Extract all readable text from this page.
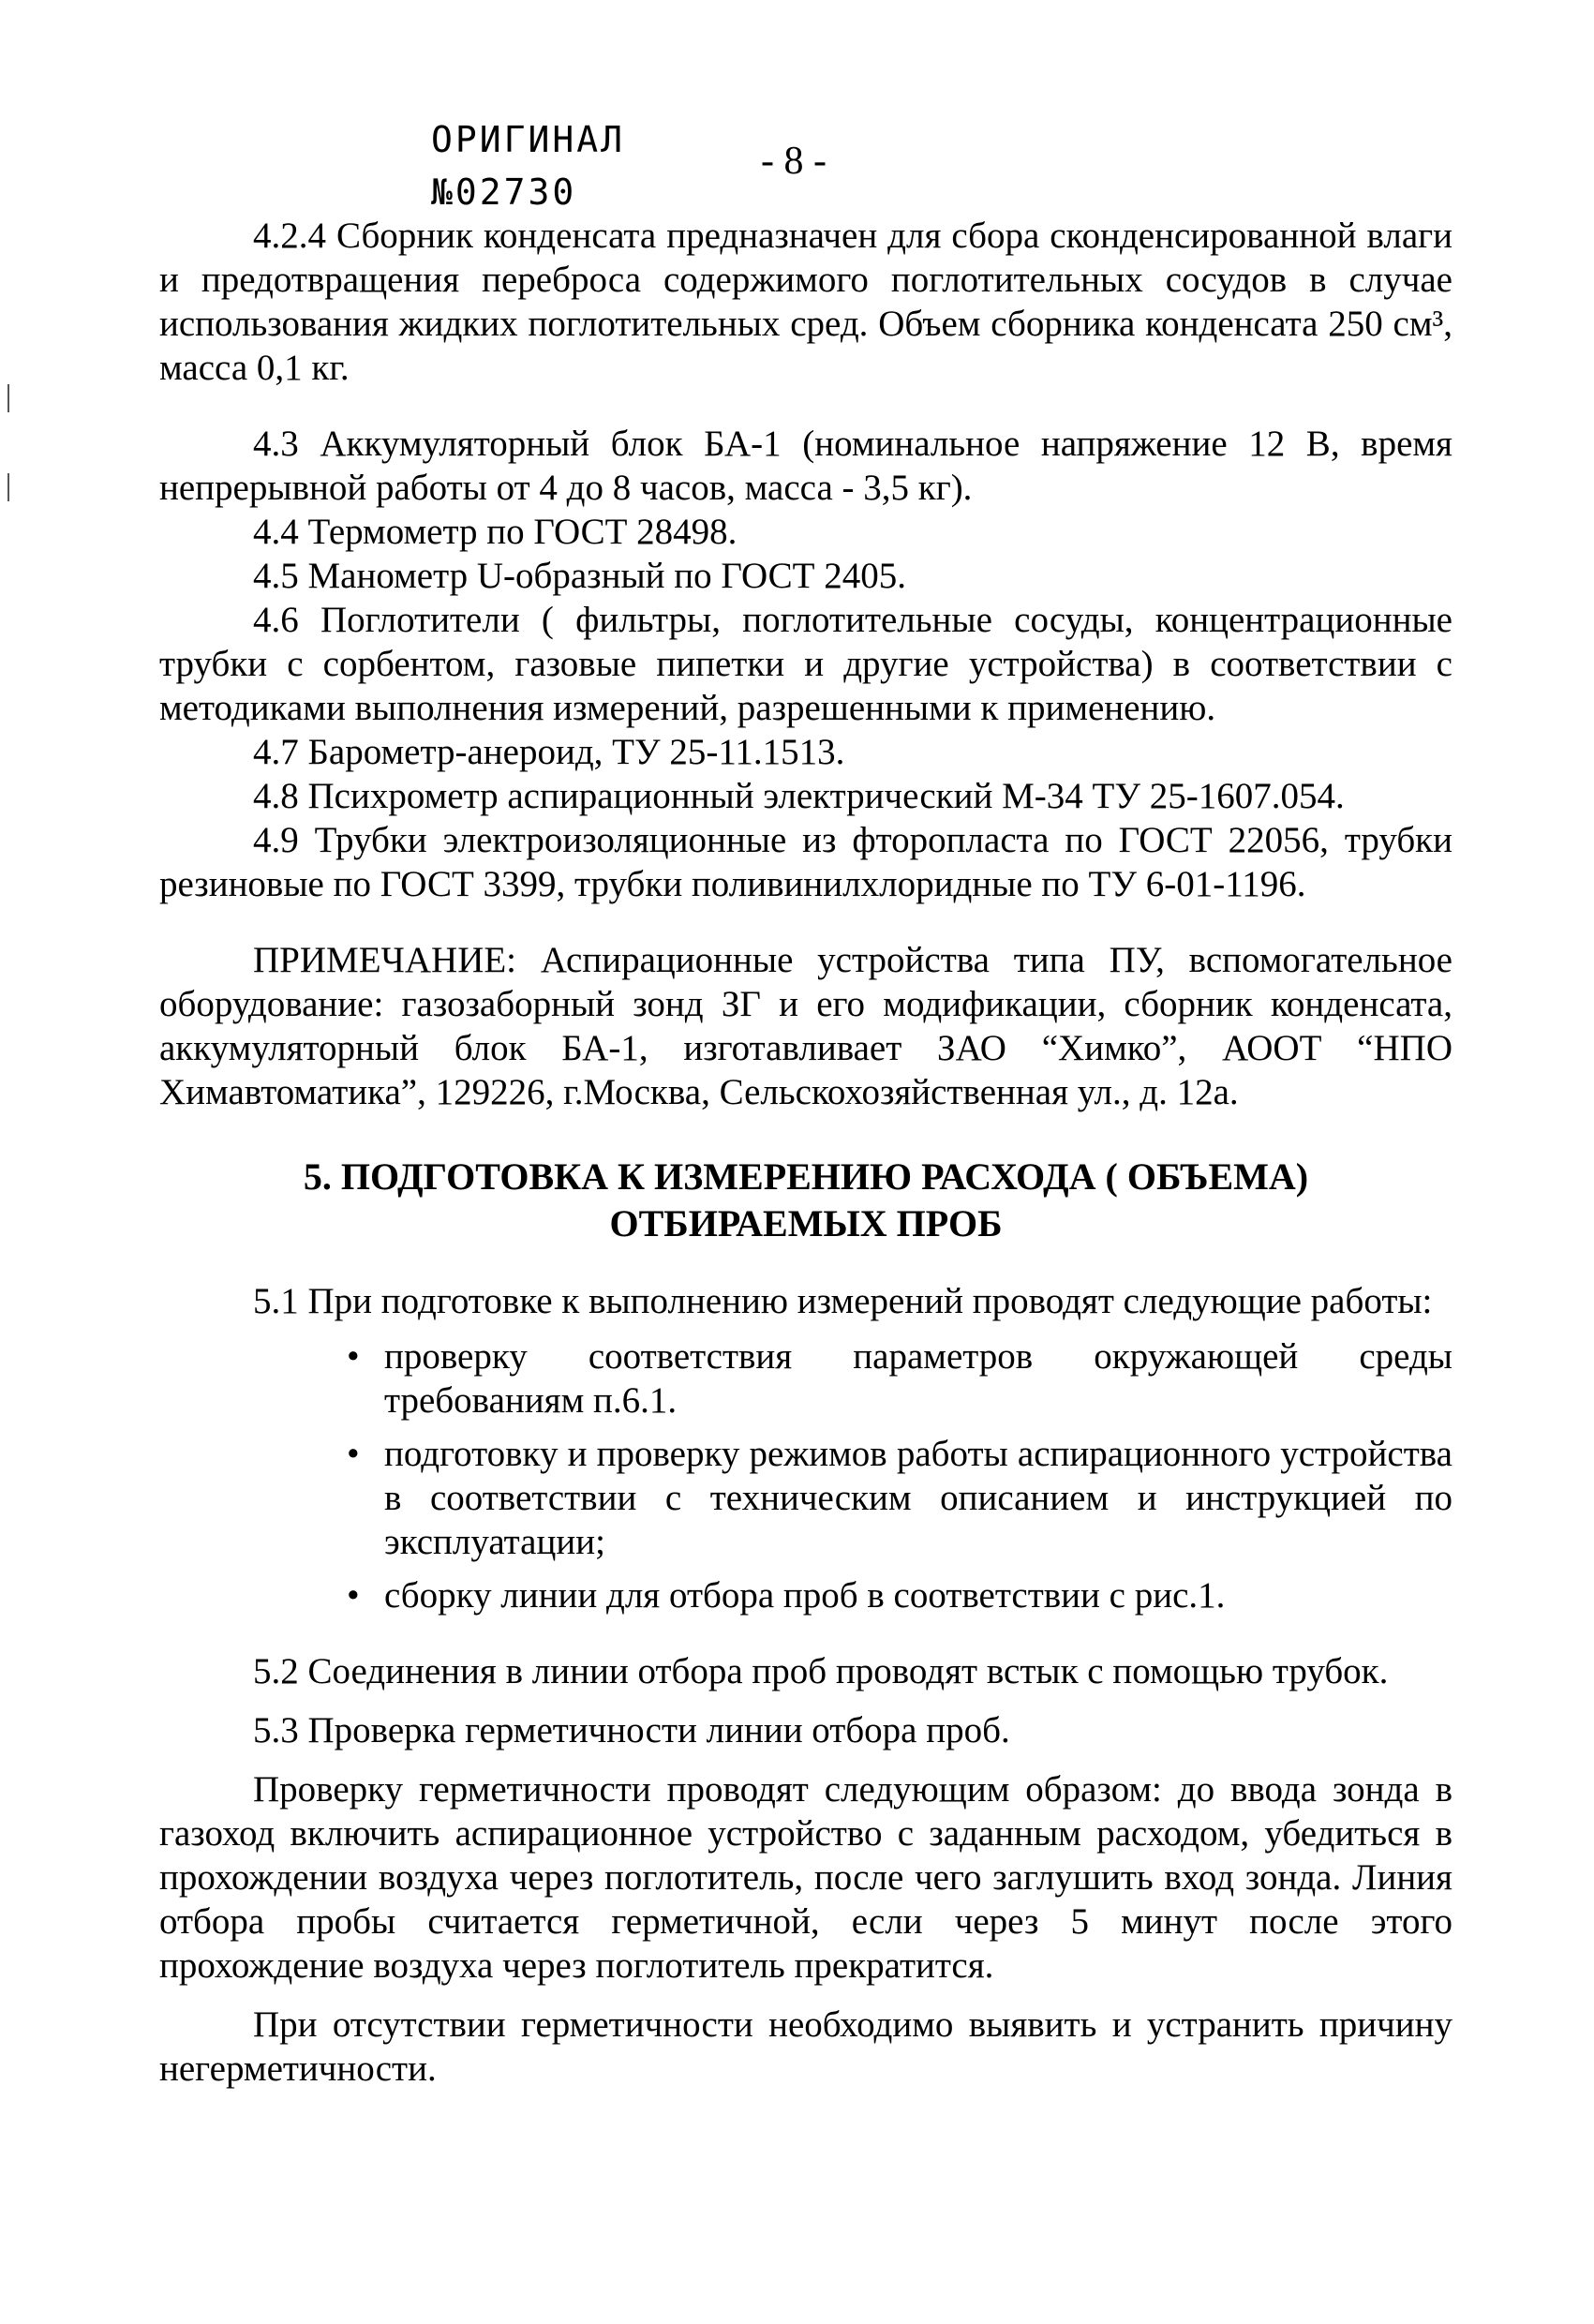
ОРИГИНАЛ
№02730
- 8 -

4.2.4 Сборник конденсата предназначен для сбора сконденсированной влаги и предотвращения переброса содержимого поглотительных сосудов в случае использования жидких поглотительных сред. Объем сборника конденсата 250 см³, масса 0,1 кг.

4.3 Аккумуляторный блок БА-1 (номинальное напряжение 12 В, время непрерывной работы от 4 до 8 часов, масса - 3,5 кг).

4.4 Термометр по ГОСТ 28498.

4.5 Манометр U-образный по ГОСТ 2405.

4.6 Поглотители ( фильтры, поглотительные сосуды, концентрационные трубки с сорбентом, газовые пипетки и другие устройства) в соответствии с методиками выполнения измерений, разрешенными к применению.

4.7 Барометр-анероид, ТУ 25-11.1513.

4.8 Психрометр аспирационный электрический М-34 ТУ 25-1607.054.

4.9 Трубки электроизоляционные из фторопласта по ГОСТ 22056, трубки резиновые по ГОСТ 3399, трубки поливинилхлоридные по ТУ 6-01-1196.

ПРИМЕЧАНИЕ: Аспирационные устройства типа ПУ, вспомогательное оборудование: газозаборный зонд ЗГ и его модификации, сборник конденсата, аккумуляторный блок БА-1, изготавливает ЗАО “Химко”, АООТ “НПО Химавтоматика”, 129226, г.Москва, Сельскохозяйственная ул., д. 12а.

5. ПОДГОТОВКА К ИЗМЕРЕНИЮ РАСХОДА ( ОБЪЕМА)
ОТБИРАЕМЫХ ПРОБ

5.1 При подготовке к выполнению измерений проводят следующие работы:

• проверку соответствия параметров окружающей среды требованиям п.6.1.
• подготовку и проверку режимов работы аспирационного устройства в соответствии с техническим описанием и инструкцией по эксплуатации;
• сборку линии для отбора проб в соответствии с рис.1.

5.2 Соединения в линии отбора проб проводят встык с помощью трубок.

5.3 Проверка герметичности линии отбора проб.

Проверку герметичности проводят следующим образом: до ввода зонда в газоход включить аспирационное устройство с заданным расходом, убедиться в прохождении воздуха через поглотитель, после чего заглушить вход зонда. Линия отбора пробы считается герметичной, если через 5 минут после этого прохождение воздуха через поглотитель прекратится.

При отсутствии герметичности необходимо выявить и устранить причину негерметичности.
